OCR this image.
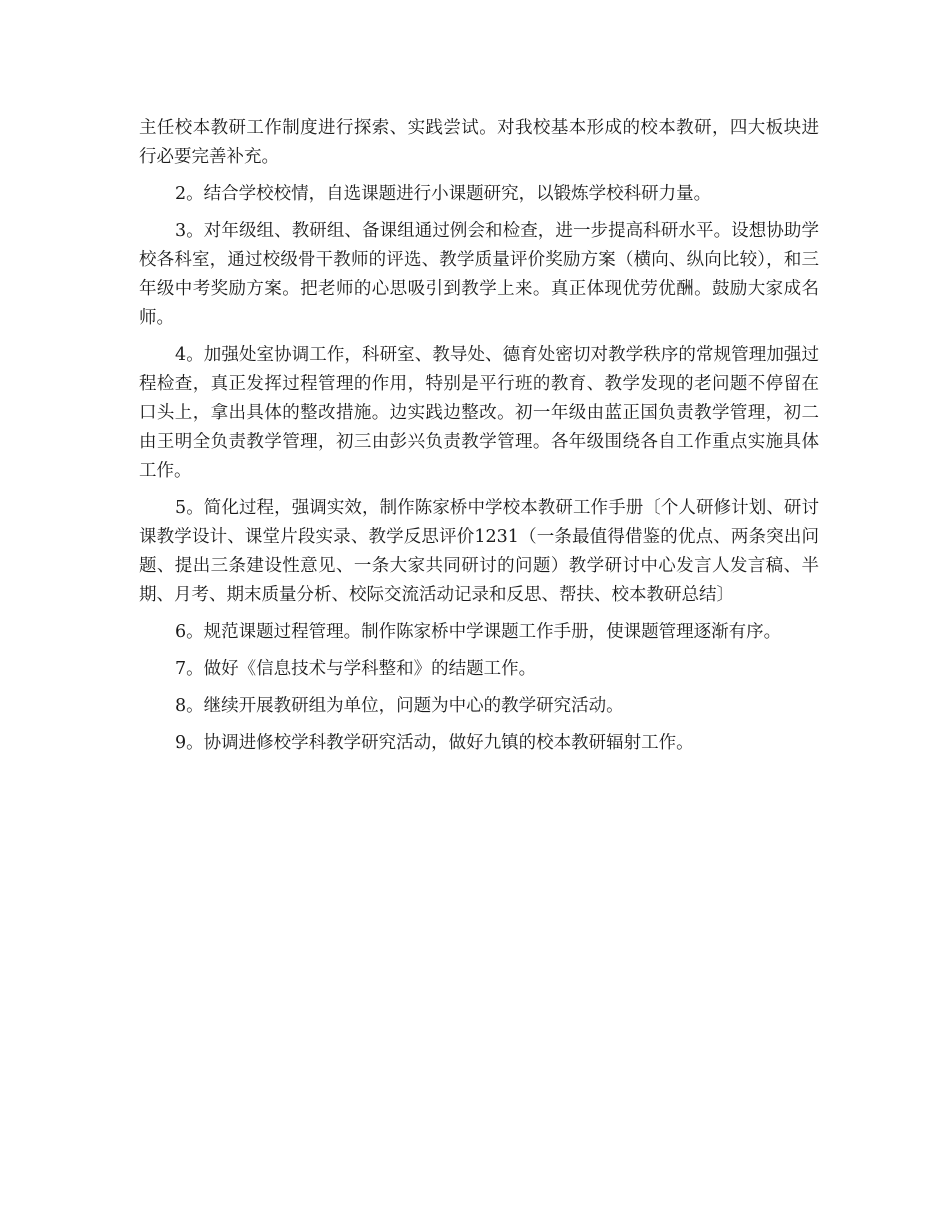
主任校本教研工作制度进行探索、实践尝试。对我校基本形成的校本教研，四大板块进行必要完善补充。

2。结合学校校情，自选课题进行小课题研究，以锻炼学校科研力量。

3。对年级组、教研组、备课组通过例会和检查，进一步提高科研水平。设想协助学校各科室，通过校级骨干教师的评选、教学质量评价奖励方案（横向、纵向比较），和三年级中考奖励方案。把老师的心思吸引到教学上来。真正体现优劳优酬。鼓励大家成名师。

4。加强处室协调工作，科研室、教导处、德育处密切对教学秩序的常规管理加强过程检查，真正发挥过程管理的作用，特别是平行班的教育、教学发现的老问题不停留在口头上，拿出具体的整改措施。边实践边整改。初一年级由蓝正国负责教学管理，初二由王明全负责教学管理，初三由彭兴负责教学管理。各年级围绕各自工作重点实施具体工作。

5。简化过程，强调实效，制作陈家桥中学校本教研工作手册〔个人研修计划、研讨课教学设计、课堂片段实录、教学反思评价1231（一条最值得借鉴的优点、两条突出问题、提出三条建设性意见、一条大家共同研讨的问题）教学研讨中心发言人发言稿、半期、月考、期末质量分析、校际交流活动记录和反思、帮扶、校本教研总结〕

6。规范课题过程管理。制作陈家桥中学课题工作手册，使课题管理逐渐有序。

7。做好《信息技术与学科整和》的结题工作。

8。继续开展教研组为单位，问题为中心的教学研究活动。

9。协调进修校学科教学研究活动，做好九镇的校本教研辐射工作。
